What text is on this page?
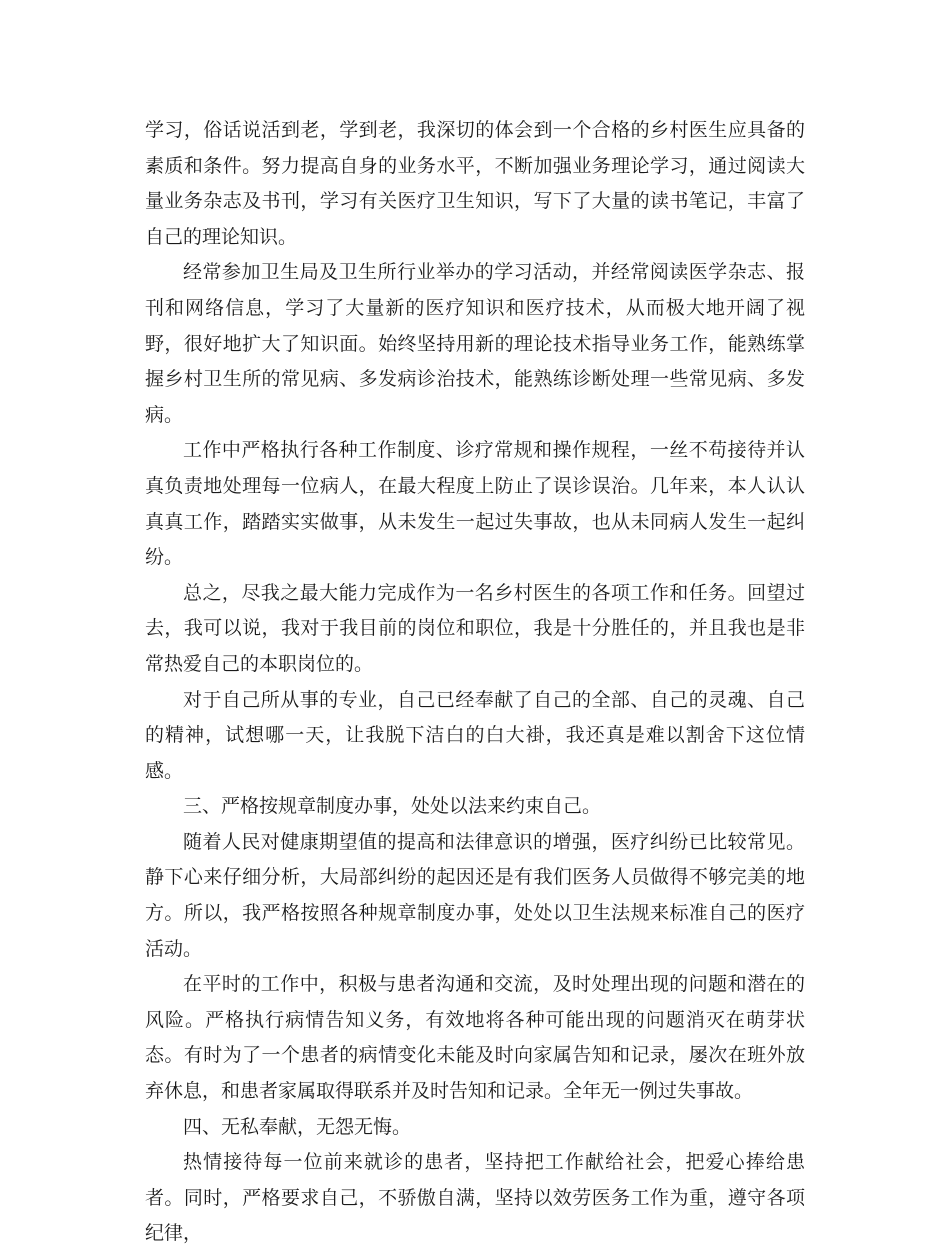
学习，俗话说活到老，学到老，我深切的体会到一个合格的乡村医生应具备的素质和条件。努力提高自身的业务水平，不断加强业务理论学习，通过阅读大量业务杂志及书刊，学习有关医疗卫生知识，写下了大量的读书笔记，丰富了自己的理论知识。

经常参加卫生局及卫生所行业举办的学习活动，并经常阅读医学杂志、报刊和网络信息，学习了大量新的医疗知识和医疗技术，从而极大地开阔了视野，很好地扩大了知识面。始终坚持用新的理论技术指导业务工作，能熟练掌握乡村卫生所的常见病、多发病诊治技术，能熟练诊断处理一些常见病、多发病。

工作中严格执行各种工作制度、诊疗常规和操作规程，一丝不苟接待并认真负责地处理每一位病人，在最大程度上防止了误诊误治。几年来，本人认认真真工作，踏踏实实做事，从未发生一起过失事故，也从未同病人发生一起纠纷。

总之，尽我之最大能力完成作为一名乡村医生的各项工作和任务。回望过去，我可以说，我对于我目前的岗位和职位，我是十分胜任的，并且我也是非常热爱自己的本职岗位的。

对于自己所从事的专业，自己已经奉献了自己的全部、自己的灵魂、自己的精神，试想哪一天，让我脱下洁白的白大褂，我还真是难以割舍下这位情感。

三、严格按规章制度办事，处处以法来约束自己。

随着人民对健康期望值的提高和法律意识的增强，医疗纠纷已比较常见。静下心来仔细分析，大局部纠纷的起因还是有我们医务人员做得不够完美的地方。所以，我严格按照各种规章制度办事，处处以卫生法规来标准自己的医疗活动。

在平时的工作中，积极与患者沟通和交流，及时处理出现的问题和潜在的风险。严格执行病情告知义务，有效地将各种可能出现的问题消灭在萌芽状态。有时为了一个患者的病情变化未能及时向家属告知和记录，屡次在班外放弃休息，和患者家属取得联系并及时告知和记录。全年无一例过失事故。

四、无私奉献，无怨无悔。

热情接待每一位前来就诊的患者，坚持把工作献给社会，把爱心捧给患者。同时，严格要求自己，不骄傲自满，坚持以效劳医务工作为重，遵守各项纪律，
